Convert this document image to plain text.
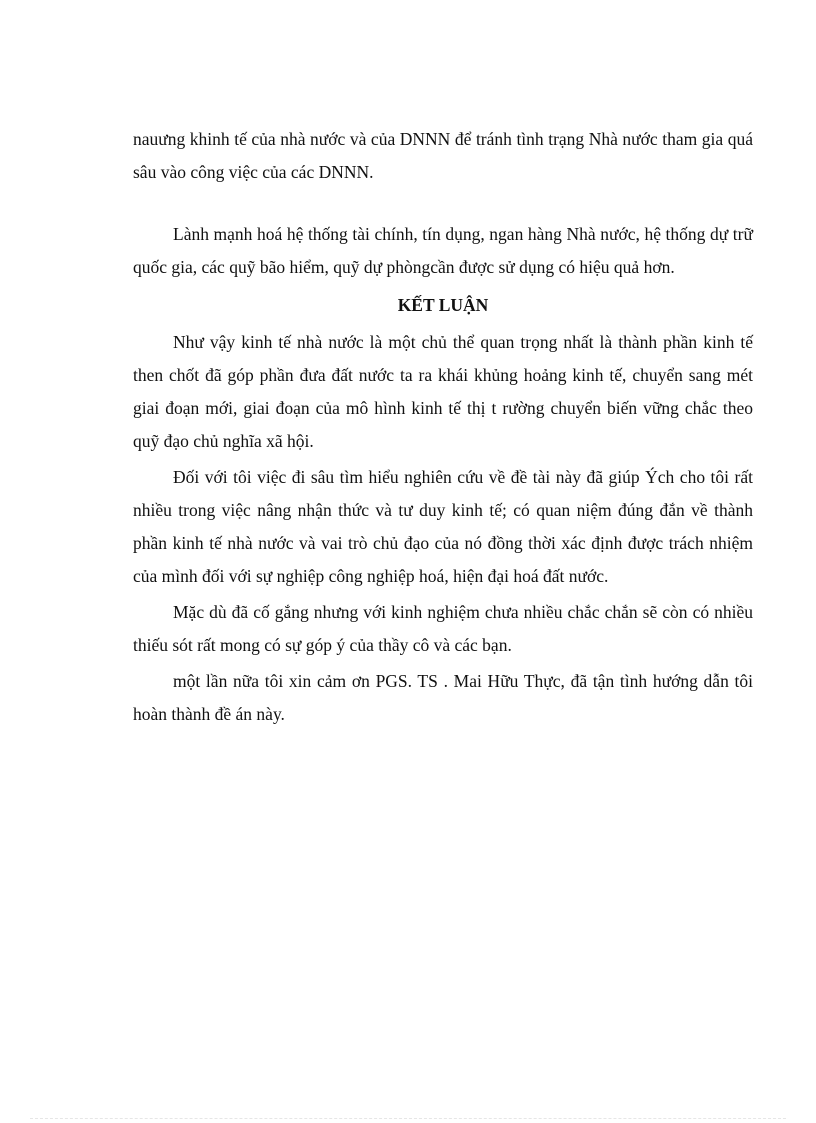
nauưng khinh tế của nhà nước và của DNNN để tránh tình trạng Nhà nước tham gia quá sâu vào công việc của các DNNN.

Lành mạnh hoá hệ thống tài chính, tín dụng, ngan hàng Nhà nước, hệ thống dự trữ quốc gia, các quỹ bão hiểm, quỹ dự phòngcần được sử dụng có hiệu quả hơn.

KẾT LUẬN

Như vậy kinh tế nhà nước là một chủ thể quan trọng nhất là thành phần kinh tế then chốt đã góp phần đưa đất nước ta ra khái khủng hoảng kinh tế, chuyển sang mét giai đoạn mới, giai đoạn của mô hình kinh tế thị t rường chuyển biến vững chắc theo quỹ đạo chủ nghĩa xã hội.

Đối với tôi việc đi sâu tìm hiểu nghiên cứu về đề tài này đã giúp Ých cho tôi rất nhiều trong việc nâng nhận thức và tư duy kinh tế; có quan niệm đúng đắn về thành phần kinh tế nhà nước và vai trò chủ đạo của nó đồng thời xác định được trách nhiệm của mình đối với sự nghiệp công nghiệp hoá, hiện đại hoá đất nước.

Mặc dù đã cố gắng nhưng với kinh nghiệm chưa nhiều chắc chắn sẽ còn có nhiều thiếu sót rất mong có sự góp ý của thầy cô và các bạn.

một lần nữa tôi xin cảm ơn PGS. TS . Mai Hữu Thực, đã tận tình hướng dẫn tôi hoàn thành đề án này.
